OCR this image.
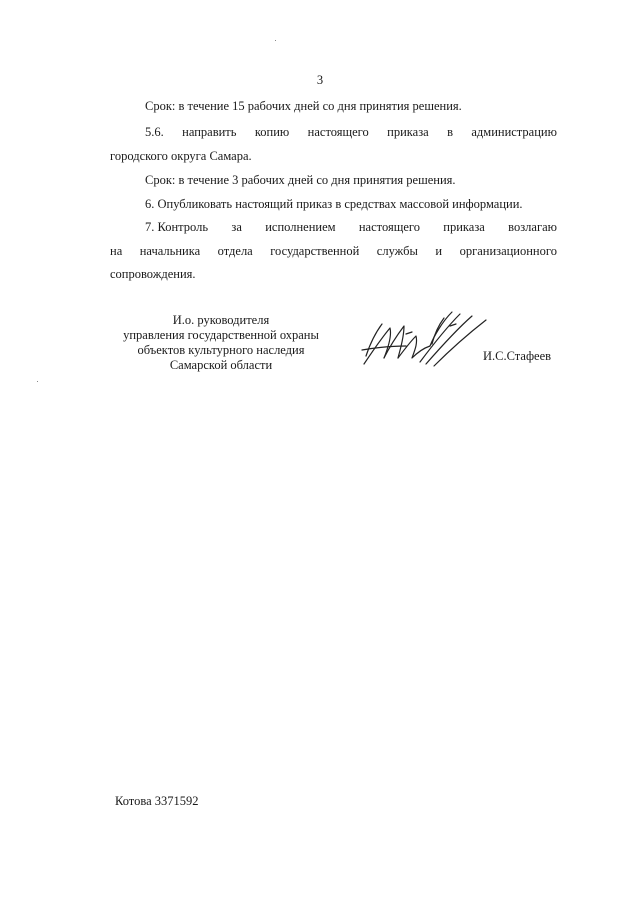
3
Срок: в течение 15 рабочих дней со дня принятия решения.
5.6. направить копию настоящего приказа в администрацию
городского округа Самара.
Срок: в течение 3 рабочих дней со дня принятия решения.
6. Опубликовать настоящий приказ в средствах массовой информации.
7. Контроль за исполнением настоящего приказа возлагаю
на начальника отдела государственной службы и организационного
сопровождения.
И.о. руководителя
управления государственной охраны
объектов культурного наследия
Самарской области
И.С.Стафеев
Котова 3371592
